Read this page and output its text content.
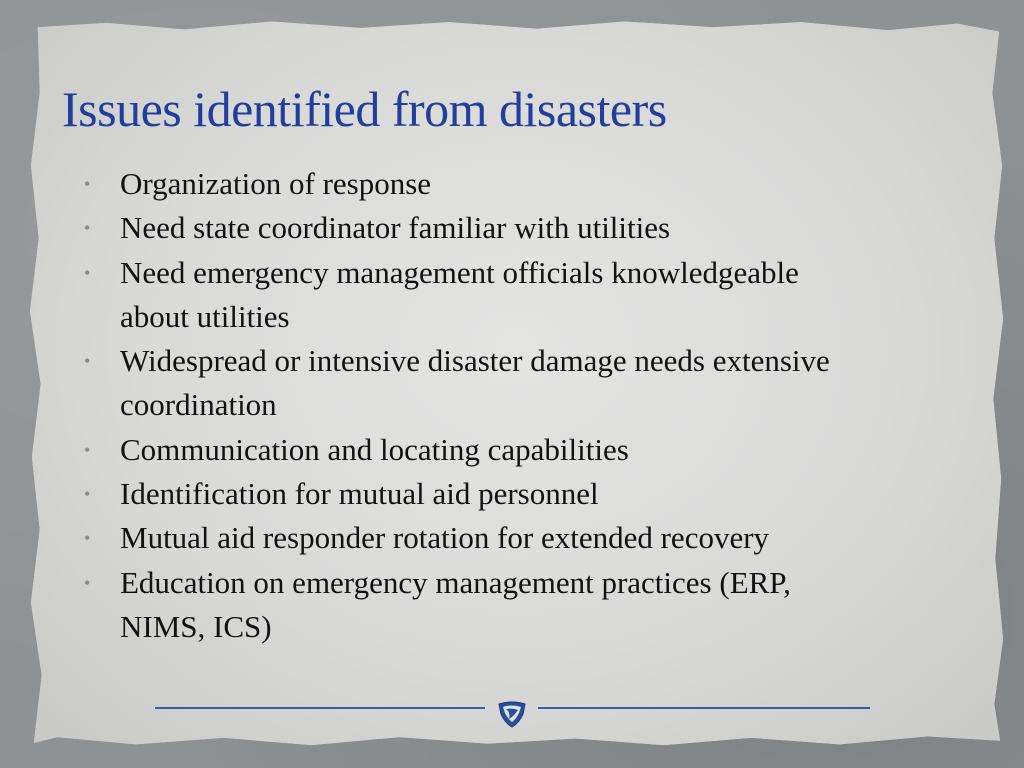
Issues identified from disasters
• Organization of response
• Need state coordinator familiar with utilities
• Need emergency management officials knowledgeable about utilities
• Widespread or intensive disaster damage needs extensive coordination
• Communication and locating capabilities
• Identification for mutual aid personnel
• Mutual aid responder rotation for extended recovery
• Education on emergency management practices (ERP, NIMS, ICS)
